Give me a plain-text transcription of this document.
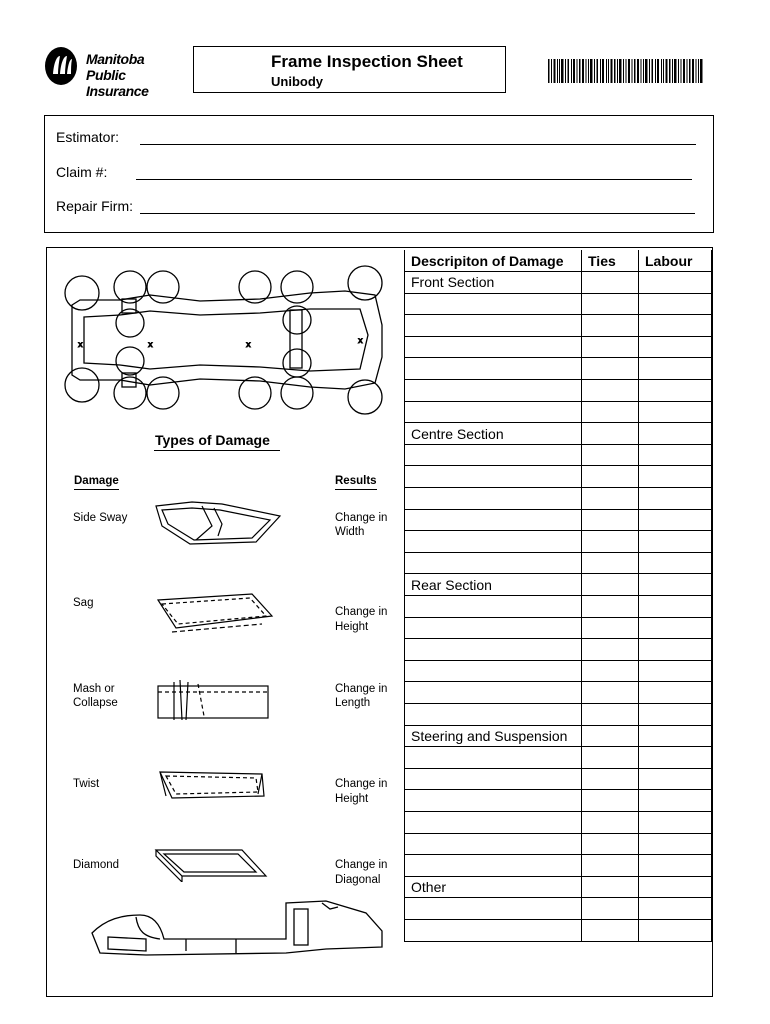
Manitoba
Public Insurance
Frame Inspection Sheet
Unibody
Estimator:
Claim #:
Repair Firm:
x	x	x	x
Types of Damage
Damage	Results
Side Sway	Change in
Width
Sag
Change in
Height
Mash or
Collapse
Change in
Length
Twist	Change in
Height
Diamond	Change in
Diagonal
Descripiton of Damage	Ties	Labour
Front Section		

Centre Section		

Rear Section		

Steering and Suspension		

Other		
